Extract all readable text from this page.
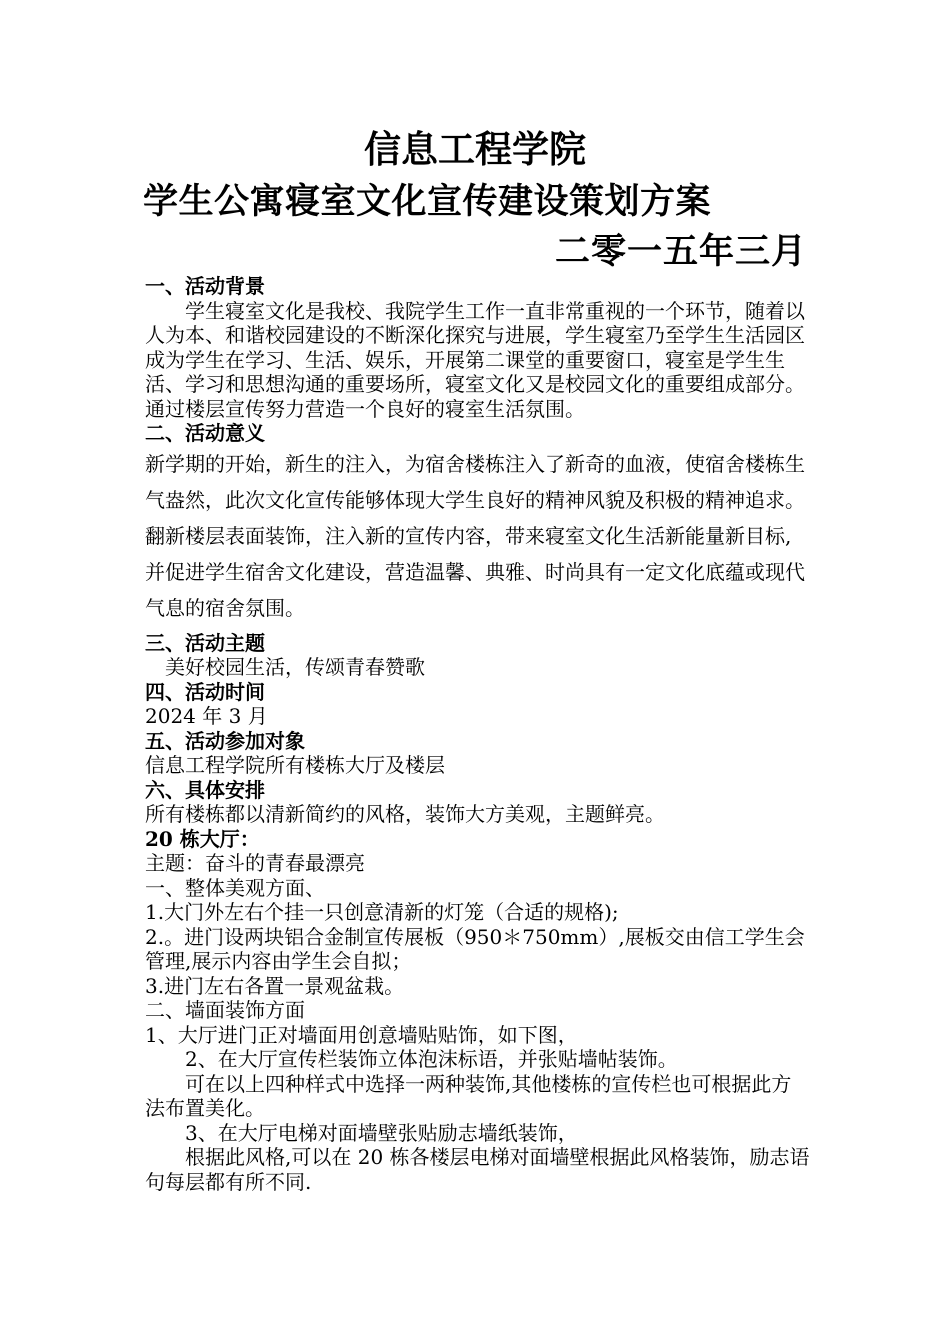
信息工程学院
学生公寓寝室文化宣传建设策划方案
二零一五年三月

一、活动背景

学生寝室文化是我校、我院学生工作一直非常重视的一个环节，随着以人为本、和谐校园建设的不断深化探究与进展，学生寝室乃至学生生活园区成为学生在学习、生活、娱乐，开展第二课堂的重要窗口，寝室是学生生活、学习和思想沟通的重要场所，寝室文化又是校园文化的重要组成部分。通过楼层宣传努力营造一个良好的寝室生活氛围。

二、活动意义

新学期的开始，新生的注入，为宿舍楼栋注入了新奇的血液，使宿舍楼栋生气盎然，此次文化宣传能够体现大学生良好的精神风貌及积极的精神追求。翻新楼层表面装饰，注入新的宣传内容，带来寝室文化生活新能量新目标, 并促进学生宿舍文化建设，营造温馨、典雅、时尚具有一定文化底蕴或现代气息的宿舍氛围。

三、活动主题

美好校园生活，传颂青春赞歌

四、活动时间

2024 年 3 月

五、活动参加对象

信息工程学院所有楼栋大厅及楼层

六、具体安排

所有楼栋都以清新简约的风格，装饰大方美观，主题鲜亮。

20 栋大厅：

主题：奋斗的青春最漂亮

一、整体美观方面、

1.大门外左右个挂一只创意清新的灯笼（合适的规格);

2.。进门设两块铝合金制宣传展板（950＊750mm）,展板交由信工学生会管理,展示内容由学生会自拟；

3.进门左右各置一景观盆栽。

二、墙面装饰方面

1、大厅进门正对墙面用创意墙贴贴饰，如下图，

2、在大厅宣传栏装饰立体泡沫标语，并张贴墙帖装饰。

可在以上四种样式中选择一两种装饰,其他楼栋的宣传栏也可根据此方法布置美化。

3、在大厅电梯对面墙壁张贴励志墙纸装饰，

根据此风格,可以在 20 栋各楼层电梯对面墙壁根据此风格装饰，励志语句每层都有所不同.
